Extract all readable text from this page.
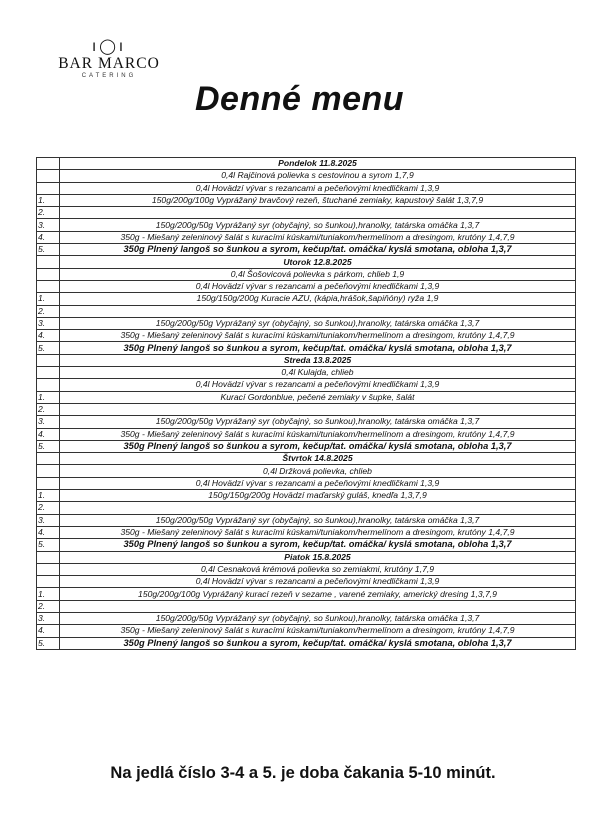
ı◯ı
BAR MARCO
CATERING
Denné menu
	Pondelok 11.8.2025
	0,4l Rajčinová polievka s cestovinou a syrom 1,7,9
	0,4l Hovädzí vývar s rezancami a pečeňovými knedličkami 1,3,9
1.	150g/200g/100g Vyprážaný bravčový rezeň, štuchané zemiaky, kapustový šalát 1,3,7,9
2.	
3.	150g/200g/50g Vyprážaný syr (obyčajný, so šunkou),hranolky, tatárska omáčka 1,3,7
4.	350g - Miešaný zeleninový šalát s kuracími kúskami/tuniakom/hermelínom a dresingom, krutóny 1,4,7,9
5.	350g Plnený langoš so šunkou a syrom, kečup/tat. omáčka/ kyslá smotana, obloha 1,3,7
	Utorok 12.8.2025
	0,4l Šošovicová polievka s párkom, chlieb 1,9
	0,4l Hovädzí vývar s rezancami a pečeňovými knedličkami 1,3,9
1.	150g/150g/200g Kuracie AZU, (kápia,hrášok,šapiňóny) ryža 1,9
2.	
3.	150g/200g/50g Vyprážaný syr (obyčajný, so šunkou),hranolky, tatárska omáčka 1,3,7
4.	350g - Miešaný zeleninový šalát s kuracími kúskami/tuniakom/hermelínom a dresingom, krutóny 1,4,7,9
5.	350g Plnený langoš so šunkou a syrom, kečup/tat. omáčka/ kyslá smotana, obloha 1,3,7
	Streda 13.8.2025
	0,4l Kulajda, chlieb
	0,4l Hovädzí vývar s rezancami a pečeňovými knedličkami 1,3,9
1.	Kurací Gordonblue, pečené zemiaky v šupke, šalát
2.	
3.	150g/200g/50g Vyprážaný syr (obyčajný, so šunkou),hranolky, tatárska omáčka 1,3,7
4.	350g - Miešaný zeleninový šalát s kuracími kúskami/tuniakom/hermelínom a dresingom, krutóny 1,4,7,9
5.	350g Plnený langoš so šunkou a syrom, kečup/tat. omáčka/ kyslá smotana, obloha 1,3,7
	Štvrtok 14.8.2025
	0,4l Držková polievka, chlieb
	0,4l Hovädzí vývar s rezancami a pečeňovými knedličkami 1,3,9
1.	150g/150g/200g Hovädzí maďarský guláš, knedľa 1,3,7,9
2.	
3.	150g/200g/50g Vyprážaný syr (obyčajný, so šunkou),hranolky, tatárska omáčka 1,3,7
4.	350g - Miešaný zeleninový šalát s kuracími kúskami/tuniakom/hermelínom a dresingom, krutóny 1,4,7,9
5.	350g Plnený langoš so šunkou a syrom, kečup/tat. omáčka/ kyslá smotana, obloha 1,3,7
	Piatok 15.8.2025
	0,4l Cesnaková krémová polievka so zemiakmi, krutóny 1,7,9
	0,4l Hovädzí vývar s rezancami a pečeňovými knedličkami 1,3,9
1.	150g/200g/100g Vyprážaný kurací rezeň v sezame , varené zemiaky, americký dresing 1,3,7,9
2.	
3.	150g/200g/50g Vyprážaný syr (obyčajný, so šunkou),hranolky, tatárska omáčka 1,3,7
4.	350g - Miešaný zeleninový šalát s kuracími kúskami/tuniakom/hermelínom a dresingom, krutóny 1,4,7,9
5.	350g Plnený langoš so šunkou a syrom, kečup/tat. omáčka/ kyslá smotana, obloha 1,3,7
Na jedlá číslo 3-4 a 5. je doba čakania 5-10 minút.
